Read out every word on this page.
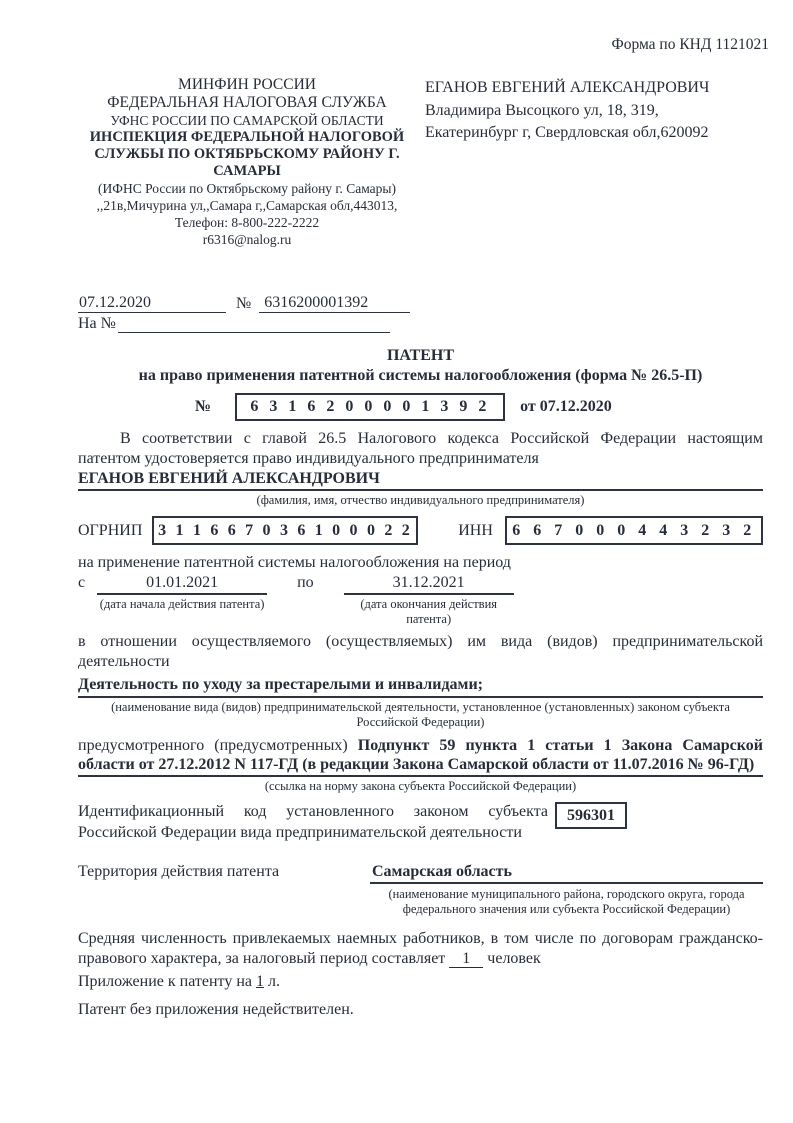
Форма по КНД 1121021
МИНФИН РОССИИ
ФЕДЕРАЛЬНАЯ НАЛОГОВАЯ СЛУЖБА
УФНС РОССИИ ПО САМАРСКОЙ ОБЛАСТИ
ИНСПЕКЦИЯ ФЕДЕРАЛЬНОЙ НАЛОГОВОЙ
СЛУЖБЫ ПО ОКТЯБРЬСКОМУ РАЙОНУ Г. САМАРЫ
(ИФНС России по Октябрьскому району г. Самары)
,,21в,Мичурина ул,,Самара г,,Самарская обл,443013,
Телефон: 8-800-222-2222
r6316@nalog.ru
ЕГАНОВ ЕВГЕНИЙ АЛЕКСАНДРОВИЧ
Владимира Высоцкого ул, 18, 319,
Екатеринбург г, Свердловская обл,620092
07.12.2020	№ 6316200001392
На №
ПАТЕНТ
на право применения патентной системы налогообложения (форма № 26.5-П)
№	6 3 1 6 2 0 0 0 0 1 3 9 2	от 07.12.2020
В соответствии с главой 26.5 Налогового кодекса Российской Федерации настоящим патентом удостоверяется право индивидуального предпринимателя
ЕГАНОВ ЕВГЕНИЙ АЛЕКСАНДРОВИЧ
(фамилия, имя, отчество индивидуального предпринимателя)
ОГРНИП 3 1 1 6 6 7 0 3 6 1 0 0 0 2 2	ИНН	6 6 7 0 0 0 4 4 3 2 3 2
на применение патентной системы налогообложения на период
с	01.01.2021
(дата начала действия патента)
по	31.12.2021
(дата окончания действия патента)
в отношении осуществляемого (осуществляемых) им вида (видов) предпринимательской деятельности
Деятельность по уходу за престарелыми и инвалидами;
(наименование вида (видов) предпринимательской деятельности, установленное (установленных) законом субъекта
Российской Федерации)
предусмотренного (предусмотренных) Подпункт 59 пункта 1 статьи 1 Закона Самарской области от 27.12.2012 N 117-ГД (в редакции Закона Самарской области от 11.07.2016 № 96-ГД)
(ссылка на норму закона субъекта Российской Федерации)
Идентификационный код установленного законом субъекта Российской Федерации вида предпринимательской деятельности
596301
Территория действия патента	Самарская область
(наименование муниципального района, городского округа, города
федерального значения или субъекта Российской Федерации)
Средняя численность привлекаемых наемных работников, в том числе по договорам гражданско-правового характера, за налоговый период составляет 1 человек
Приложение к патенту на 1 л.
Патент без приложения недействителен.
